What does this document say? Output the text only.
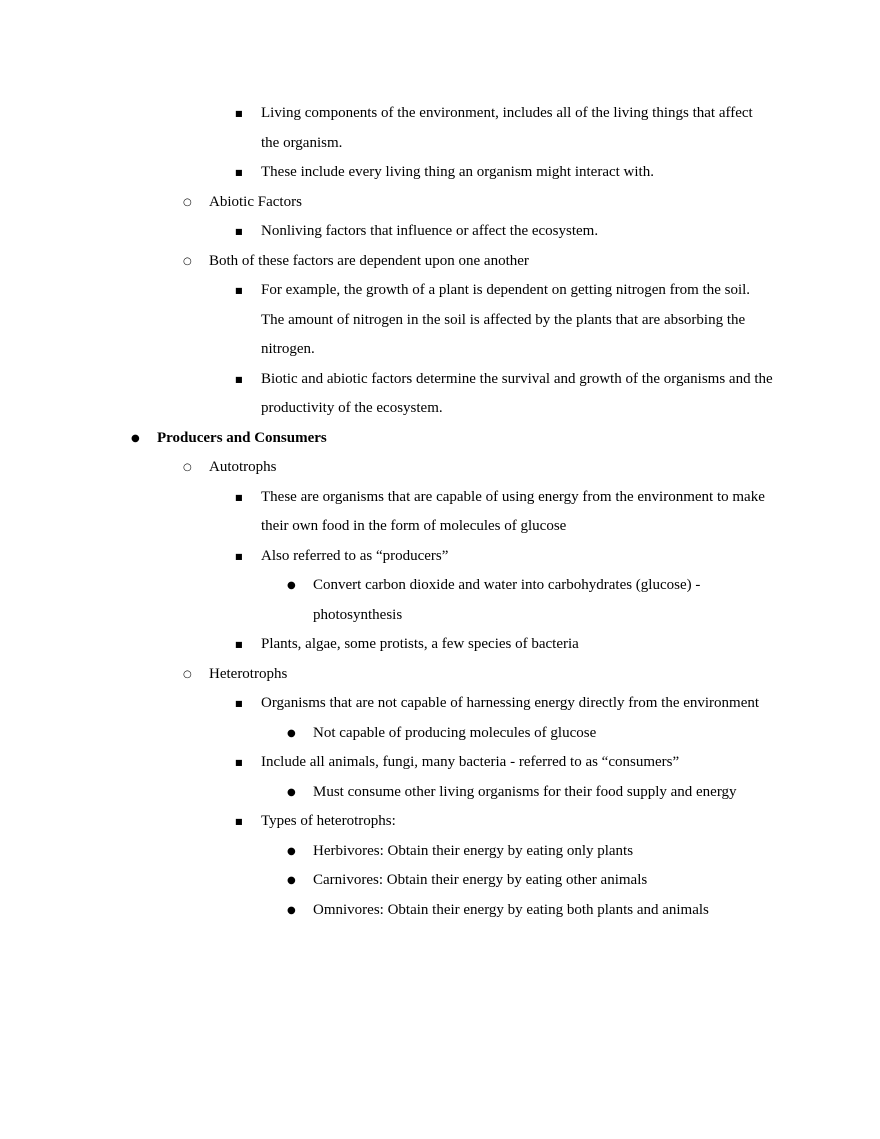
■	Living components of the environment, includes all of the living things that affect the organism.
■	These include every living thing an organism might interact with.
○	Abiotic Factors
■	Nonliving factors that influence or affect the ecosystem.
○	Both of these factors are dependent upon one another
■	For example, the growth of a plant is dependent on getting nitrogen from the soil. The amount of nitrogen in the soil is affected by the plants that are absorbing the nitrogen.
■	Biotic and abiotic factors determine the survival and growth of the organisms and the productivity of the ecosystem.
●	Producers and Consumers
○	Autotrophs
■	These are organisms that are capable of using energy from the environment to make their own food in the form of molecules of glucose
■	Also referred to as “producers”
●	Convert carbon dioxide and water into carbohydrates (glucose) - photosynthesis
■	Plants, algae, some protists, a few species of bacteria
○	Heterotrophs
■	Organisms that are not capable of harnessing energy directly from the environment
●	Not capable of producing molecules of glucose
■	Include all animals, fungi, many bacteria - referred to as “consumers”
●	Must consume other living organisms for their food supply and energy
■	Types of heterotrophs:
●	Herbivores: Obtain their energy by eating only plants
●	Carnivores: Obtain their energy by eating other animals
●	Omnivores: Obtain their energy by eating both plants and animals
